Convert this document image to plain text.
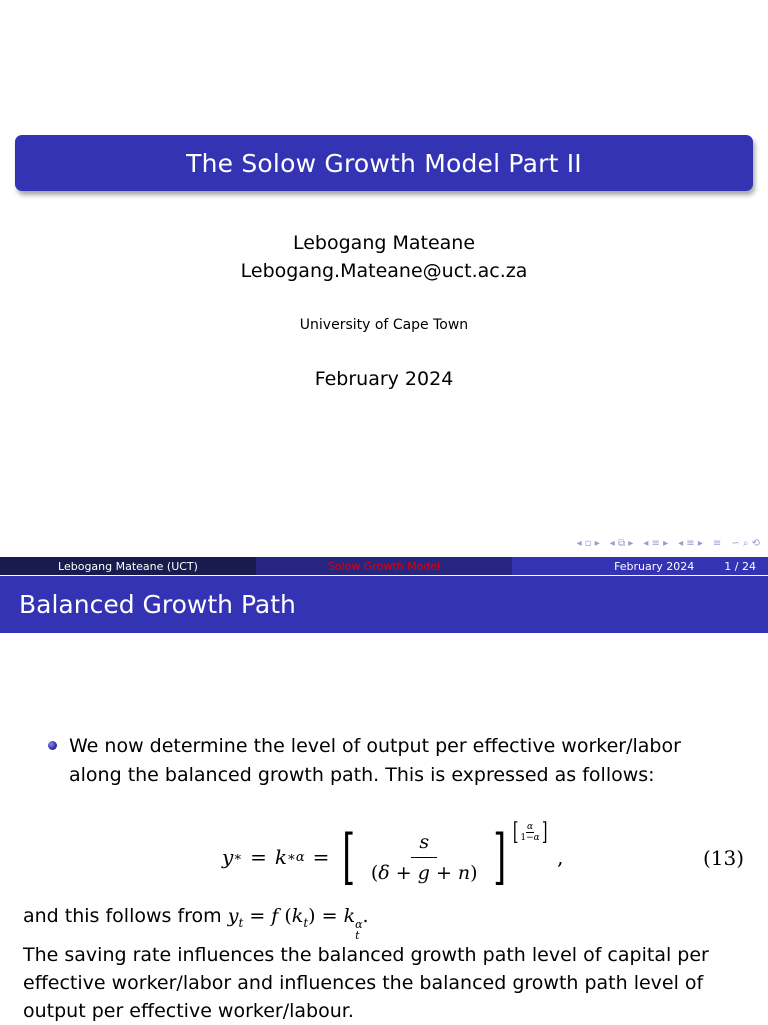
The Solow Growth Model Part II
Lebogang Mateane
Lebogang.Mateane@uct.ac.za
University of Cape Town
February 2024
◂ ▫ ▸ ◂ ⧉ ▸ ◂ ≡ ▸ ◂ ≡ ▸ ≡ ∽ ⌕ ⟲
Lebogang Mateane (UCT)	Solow Growth Model	February 2024	1 / 24
Balanced Growth Path
We now determine the level of output per effective worker/labor along the balanced growth path. This is expressed as follows:
y ∗ = k ∗α = [ $\frac{s}{(\delta + g + n)}$ ] [ α
1−α ]
,	(13)
and this follows from $y_t = f$ $(k_t) = k$ α
t
.
The saving rate influences the balanced growth path level of capital per effective worker/labor and influences the balanced growth path level of output per effective worker/labour.
